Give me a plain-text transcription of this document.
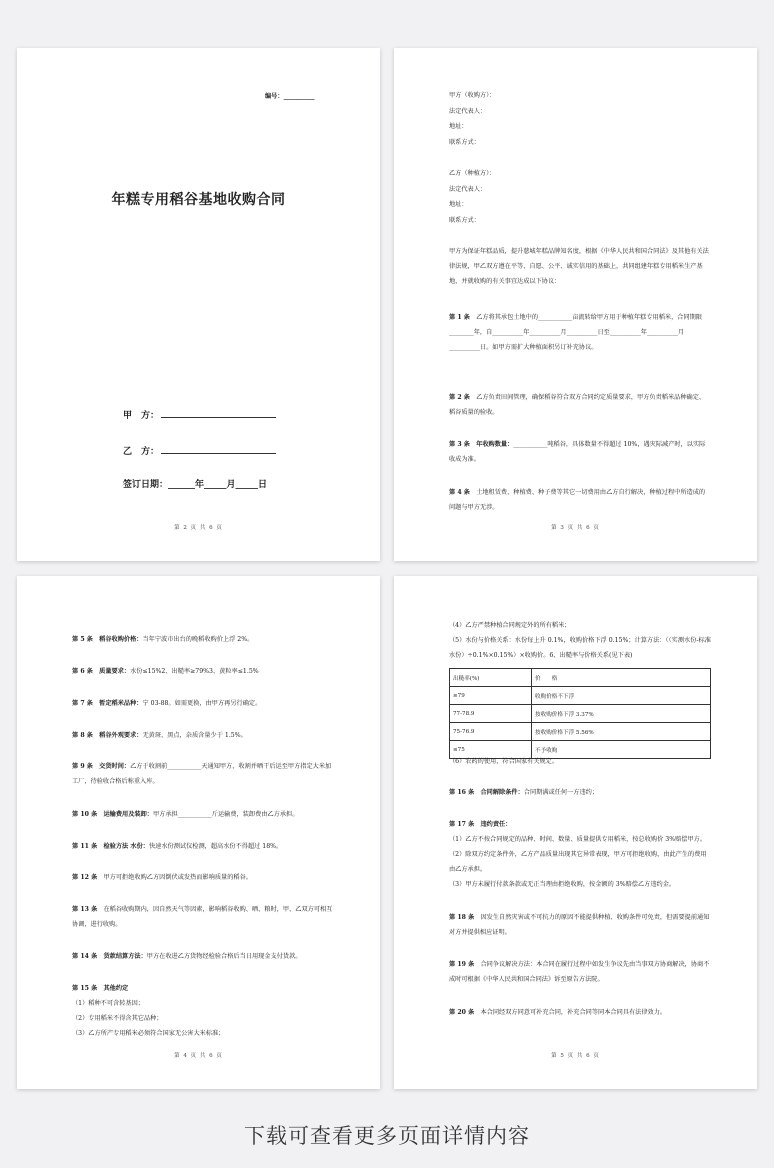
编号：__________
年糕专用稻谷基地收购合同
甲　方：
乙　方：
签订日期：______年_____月_____日
第 2 页 共 6 页
甲方（收购方）：
法定代表人：
地址：
联系方式：
乙方（种植方）：
法定代表人：
地址：
联系方式：
甲方为保证年糕品质，提升慈城年糕品牌知名度，根据《中华人民共和国合同法》及其他有关法律法规，甲乙双方遵在平等、自愿、公平、诚实信用的基础上，共同组建年糕专用稻米生产基地，并就收购的有关事宜达成以下协议：
第 1 条　 乙方将其承包土地中的___________亩流转给甲方用于种植年糕专用稻米，合同期限________年，自__________年__________月__________日至__________年__________月__________日。如甲方需扩大种植面积另订补充协议。
第 2 条　 乙方负责田间管理，确保稻谷符合双方合同约定质量要求，甲方负责稻米品种确定、稻谷质量的验收。
第 3 条　年收购数量：___________吨稻谷，具体数量不得超过 10%，遇灾际减产时，以实际收成为准。
第 4 条　 土地租赁费、种植费、种子费等其它一切费用由乙方自行解决，种植过程中所造成的问题与甲方无涉。
第 3 页 共 6 页
第 5 条　稻谷收购价格：当年宁波市出台的晚稻收购价上浮 2%。
第 6 条　质量要求：水份≤15%2、出糙率≥79%3、黄粒率≤1.5%
第 7 条　暂定稻米品种：宁 03-88。如需更换，由甲方再另行确定。
第 8 条　稻谷外观要求：无黄斑、黑点，杂质含量少于 1.5%。
第 9 条　交货时间：乙方于收割前___________天通知甲方，收割并晒干后运至甲方指定大米加工厂，待验收合格后称重入库。
第 10 条　运输费用及装卸：甲方承担___________斤运输费，装卸费由乙方承担。
第 11 条　检验方法 水份：快速水份测试仪检测，超高水份不得超过 18%。
第 12 条　 甲方可拒绝收购乙方因倒伏或发热而影响质量的稻谷。
第 13 条　 在稻谷收购期内，因自然天气等因素，影响稻谷收购、晒、粮时，甲、乙双方可相互协调，进行收购。
第 14 条　货款结算方法：甲方在收进乙方货物经检验合格后当日用现金支付货款。
第 15 条　其他约定
（1）稻种不可含转基因；
（2）专用稻米不得含其它品种；
（3）乙方所产专用稻米必须符合国家无公害大米标准；
第 4 页 共 6 页
（4）乙方严禁种植合同规定外的所有稻米；
（5）水份与价格关系：水份每上升 0.1%，收购价格下浮 0.15%；计算方法：（（实测水份-标准水份）÷0.1%×0.15%）×收购价。6、出糙率与价格关系(见下表)
出糙率(%)	价　　格
≥79	收购价格不下浮
77-78.9	按收购价格下浮 3.37%
75-76.9	按收购价格下浮 5.56%
≤75	不予收购
（6）农药的使用，符合国家有关规定。
第 16 条　合同解除条件：合同期满或任何一方违约；
第 17 条　违约责任：
（1）乙方不按合同规定的品种、时间、数量、质量提供专用稻米，按总收购价 3%赔偿甲方。
（2）除双方约定条件外，乙方产品质量出现其它异常表现，甲方可拒绝收购，由此产生的费用由乙方承担。
（3）甲方未履行付款条款或无正当理由拒绝收购，按金额的 3%赔偿乙方违约金。
第 18 条　 因发生自然灾害或不可抗力的原因不能提供种植、收购条件可免责，但需要提前通知对方并提供相应证明。
第 19 条　 合同争议解决方法：本合同在履行过程中如发生争议先由当事双方协商解决，协商不成时可根据《中华人民共和国合同法》诉至原告方法院。
第 20 条　 本合同经双方同意可补充合同，补充合同等同本合同具有法律效力。
第 5 页 共 6 页
下载可查看更多页面详情内容
